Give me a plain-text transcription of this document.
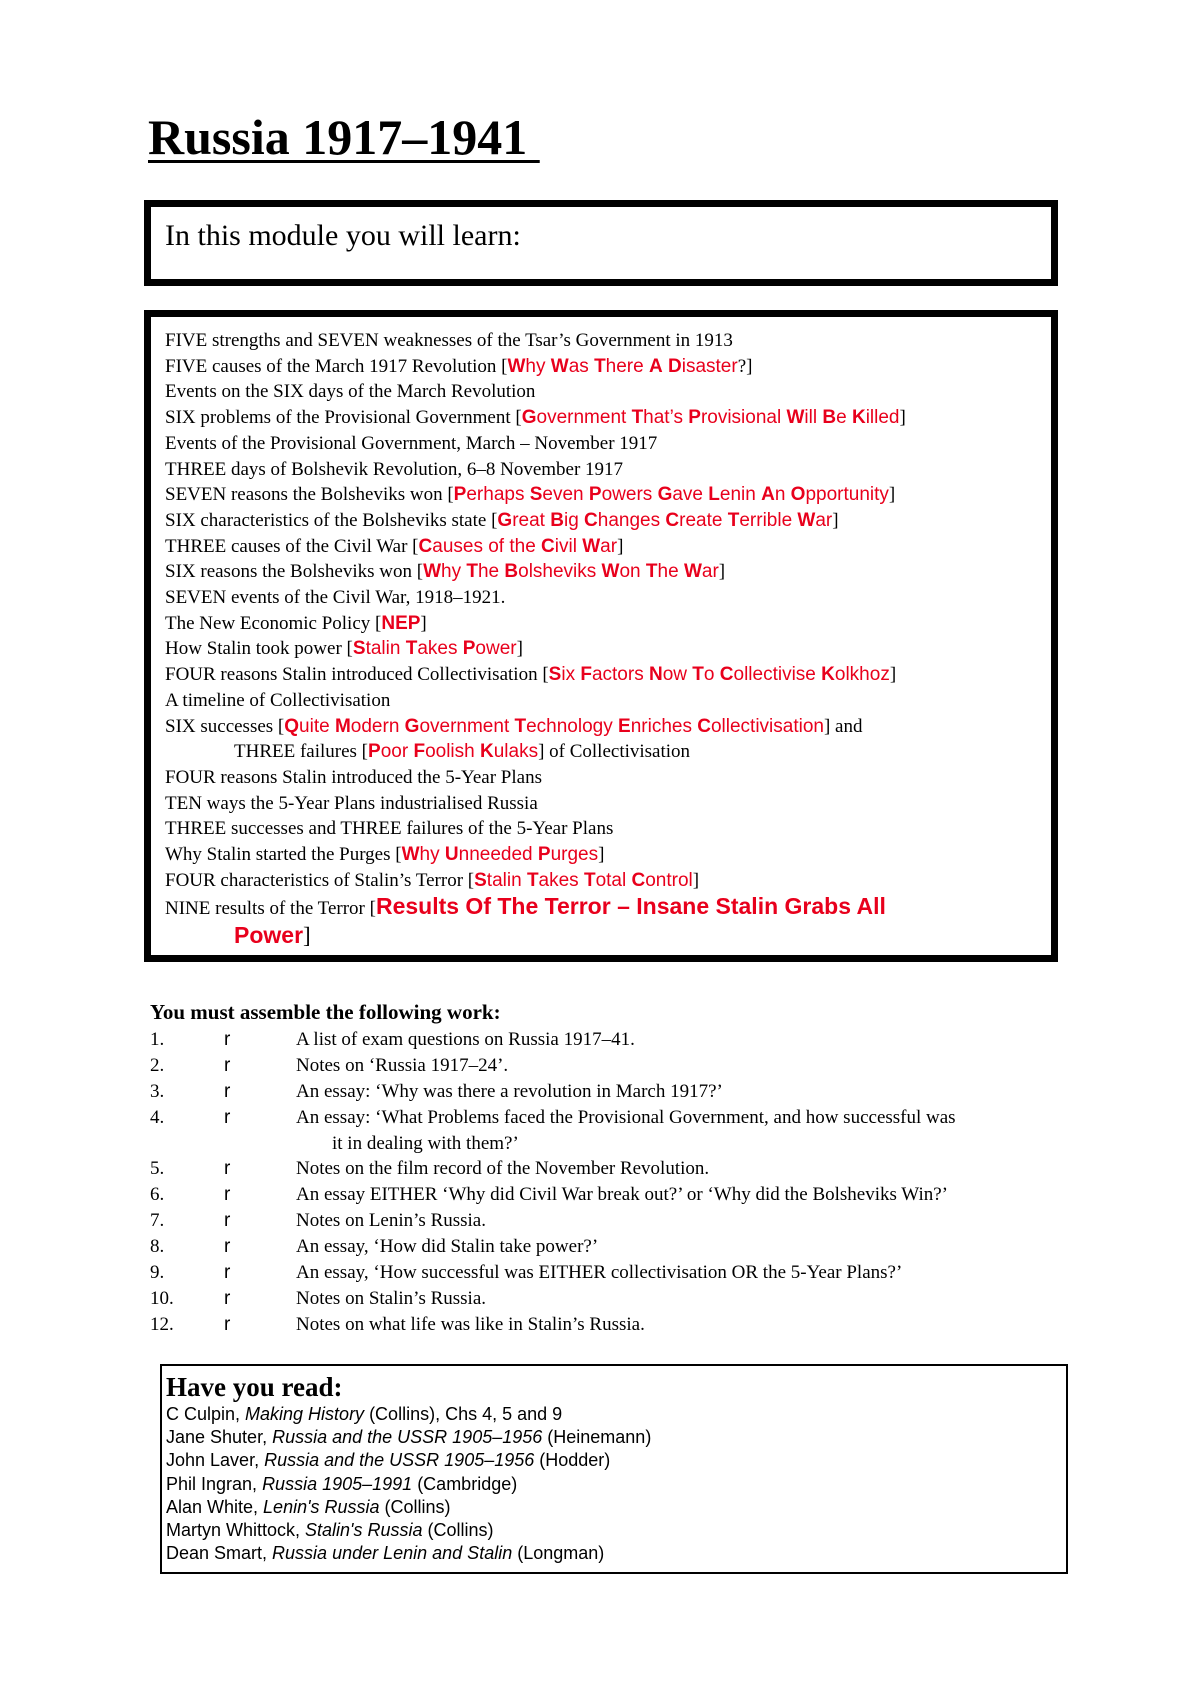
Russia 1917–1941
In this module you will learn:
FIVE strengths and SEVEN weaknesses of the Tsar’s Government in 1913
FIVE causes of the March 1917 Revolution [Why Was There A Disaster?]
Events on the SIX days of the March Revolution
SIX problems of the Provisional Government [Government That’s Provisional Will Be Killed]
Events of the Provisional Government, March – November 1917
THREE days of Bolshevik Revolution, 6–8 November 1917
SEVEN reasons the Bolsheviks won [Perhaps Seven Powers Gave Lenin An Opportunity]
SIX characteristics of the Bolsheviks state [Great Big Changes Create Terrible War]
THREE causes of the Civil War [Causes of the Civil War]
SIX reasons the Bolsheviks won [Why The Bolsheviks Won The War]
SEVEN events of the Civil War, 1918–1921.
The New Economic Policy [NEP]
How Stalin took power [Stalin Takes Power]
FOUR reasons Stalin introduced Collectivisation [Six Factors Now To Collectivise Kolkhoz]
A timeline of Collectivisation
SIX successes [Quite Modern Government Technology Enriches Collectivisation] and
THREE failures [Poor Foolish Kulaks] of Collectivisation
FOUR reasons Stalin introduced the 5-Year Plans
TEN ways the 5-Year Plans industrialised Russia
THREE successes and THREE failures of the 5-Year Plans
Why Stalin started the Purges [Why Unneeded Purges]
FOUR characteristics of Stalin’s Terror [Stalin Takes Total Control]
NINE results of the Terror [Results Of The Terror – Insane Stalin Grabs All
Power]
You must assemble the following work:
1.	r	A list of exam questions on Russia 1917–41.
2.	r	Notes on ‘Russia 1917–24’.
3.	r	An essay: ‘Why was there a revolution in March 1917?’
4.	r	An essay: ‘What Problems faced the Provisional Government, and how successful was
it in dealing with them?’
5.	r	Notes on the film record of the November Revolution.
6.	r	An essay EITHER ‘Why did Civil War break out?’ or ‘Why did the Bolsheviks Win?’
7.	r	Notes on Lenin’s Russia.
8.	r	An essay, ‘How did Stalin take power?’
9.	r	An essay, ‘How successful was EITHER collectivisation OR the 5-Year Plans?’
10.	r	Notes on Stalin’s Russia.
12.	r	Notes on what life was like in Stalin’s Russia.
Have you read:
C Culpin, Making History (Collins), Chs 4, 5 and 9
Jane Shuter, Russia and the USSR 1905–1956 (Heinemann)
John Laver, Russia and the USSR 1905–1956 (Hodder)
Phil Ingran, Russia 1905–1991 (Cambridge)
Alan White, Lenin's Russia (Collins)
Martyn Whittock, Stalin's Russia (Collins)
Dean Smart, Russia under Lenin and Stalin (Longman)
